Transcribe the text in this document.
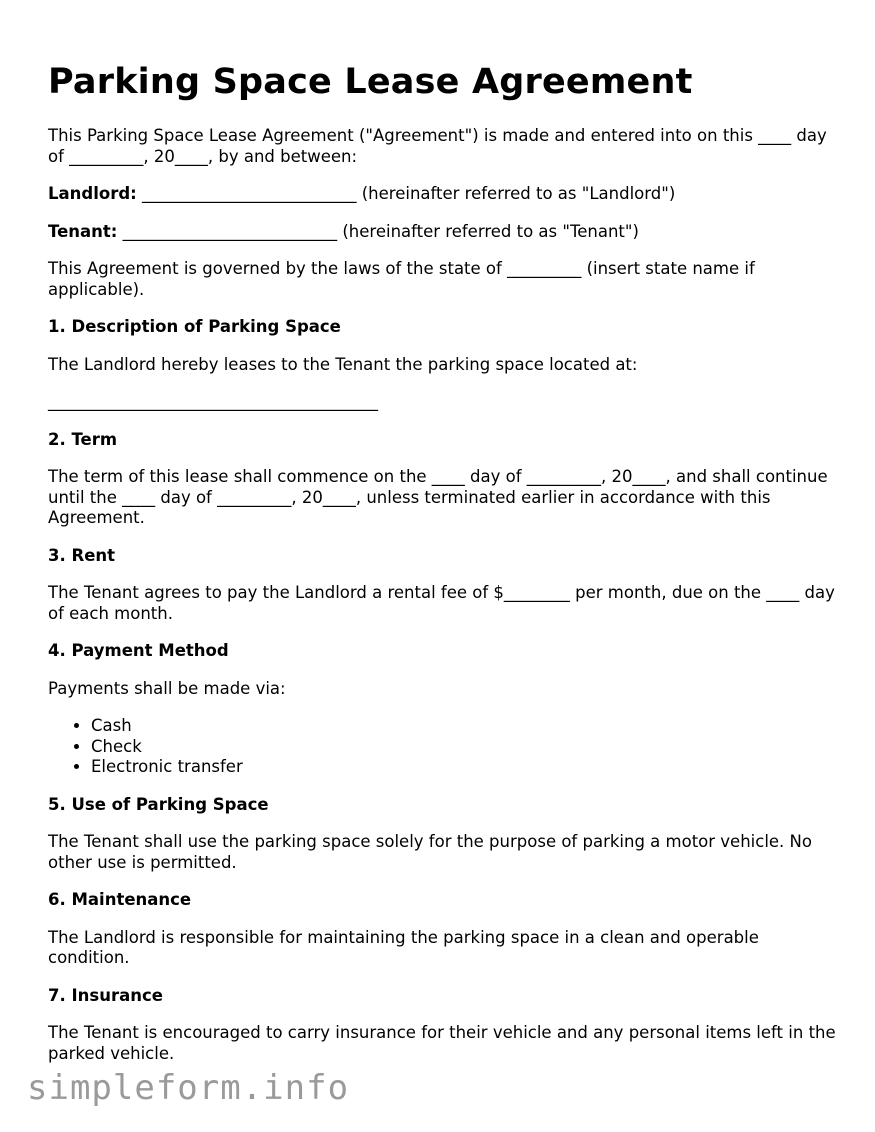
Parking Space Lease Agreement

This Parking Space Lease Agreement ("Agreement") is made and entered into on this ____ day of _________, 20____, by and between:

Landlord: __________________________ (hereinafter referred to as "Landlord")

Tenant: __________________________ (hereinafter referred to as "Tenant")

This Agreement is governed by the laws of the state of _________ (insert state name if applicable).

1. Description of Parking Space

The Landlord hereby leases to the Tenant the parking space located at:

________________________________________

2. Term

The term of this lease shall commence on the ____ day of _________, 20____, and shall continue until the ____ day of _________, 20____, unless terminated earlier in accordance with this Agreement.

3. Rent

The Tenant agrees to pay the Landlord a rental fee of $________ per month, due on the ____ day of each month.

4. Payment Method

Payments shall be made via:

• Cash
• Check
• Electronic transfer
5. Use of Parking Space

The Tenant shall use the parking space solely for the purpose of parking a motor vehicle. No other use is permitted.

6. Maintenance

The Landlord is responsible for maintaining the parking space in a clean and operable condition.

7. Insurance

The Tenant is encouraged to carry insurance for their vehicle and any personal items left in the parked vehicle.

simpleform.info
